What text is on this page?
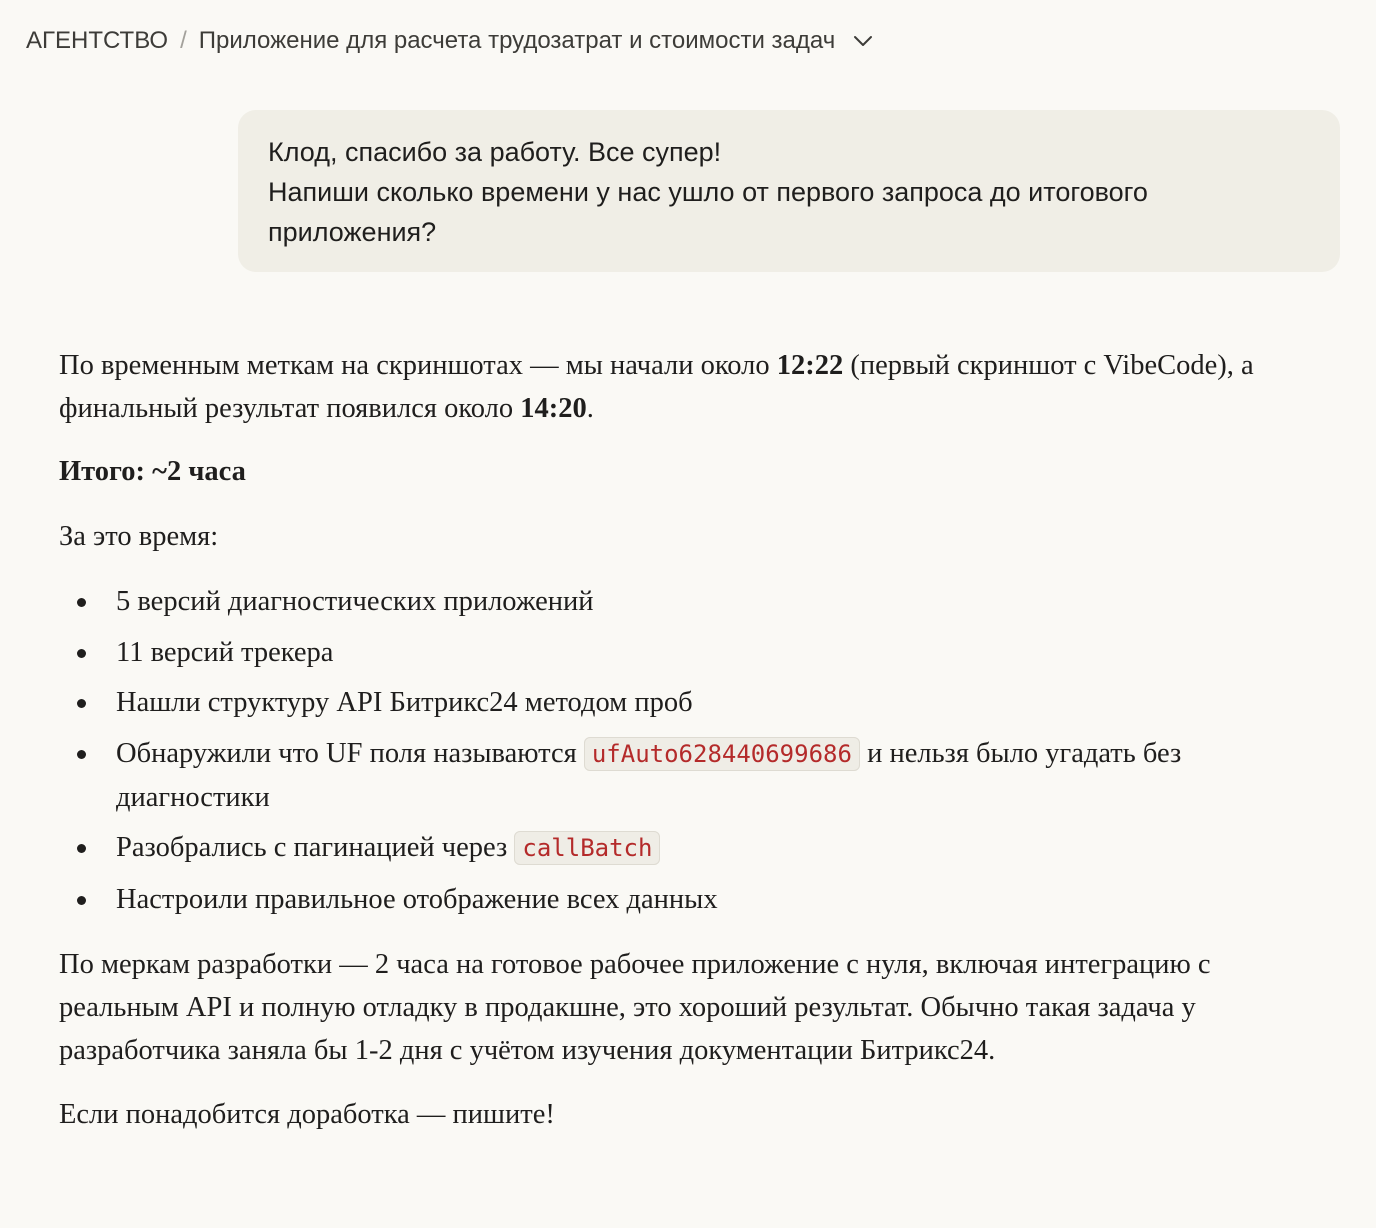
АГЕНТСТВО / Приложение для расчета трудозатрат и стоимости задач

Клод, спасибо за работу. Все супер!

Напиши сколько времени у нас ушло от первого запроса до итогового приложения?

По временным меткам на скриншотах — мы начали около 12:22 (первый скриншот с VibeCode), а финальный результат появился около 14:20.

Итого: ~2 часа

За это время:

5 версий диагностических приложений
11 версий трекера
Нашли структуру API Битрикс24 методом проб
Обнаружили что UF поля называются ufAuto628440699686 и нельзя было угадать без диагностики
Разобрались с пагинацией через callBatch
Настроили правильное отображение всех данных

По меркам разработки — 2 часа на готовое рабочее приложение с нуля, включая интеграцию с реальным API и полную отладку в продакшне, это хороший результат. Обычно такая задача у разработчика заняла бы 1-2 дня с учётом изучения документации Битрикс24.

Если понадобится доработка — пишите!
